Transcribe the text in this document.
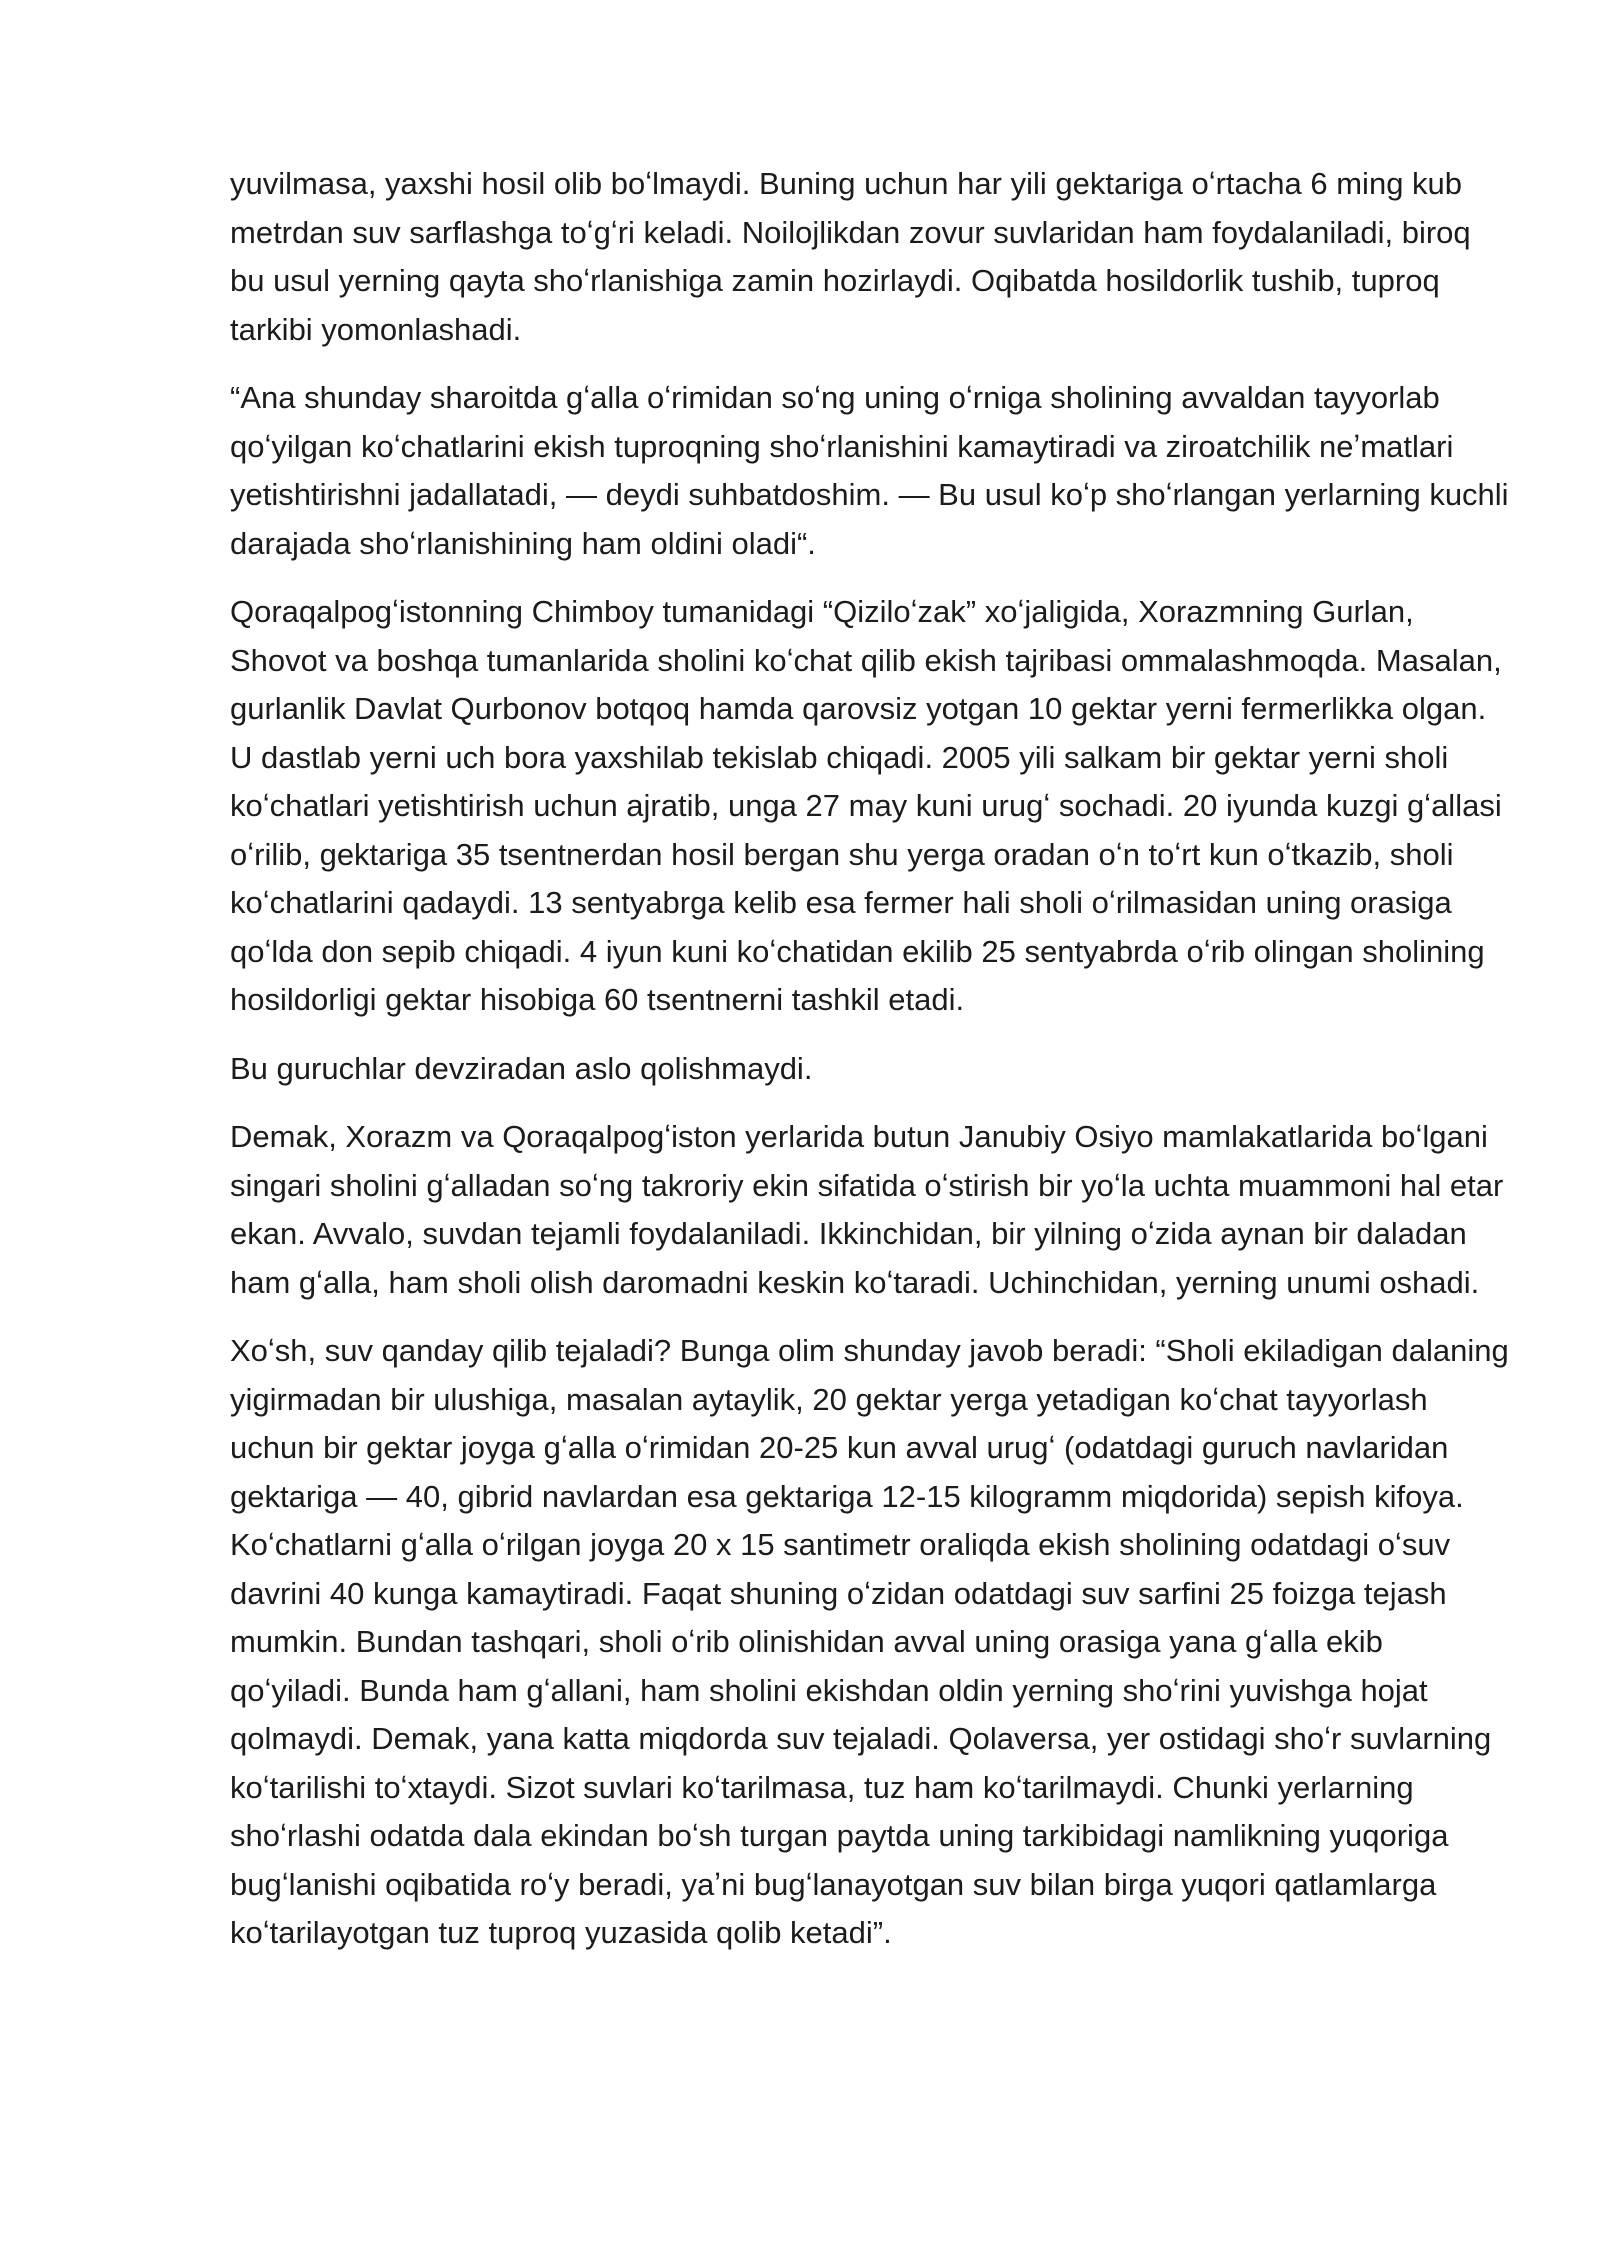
yuvilmasa, yaxshi hosil olib boʻlmaydi. Buning uchun har yili gektariga oʻrtacha 6 ming kub metrdan suv sarflashga toʻgʻri keladi. Noilojlikdan zovur suvlaridan ham foydalaniladi, biroq bu usul yerning qayta shoʻrlanishiga zamin hozirlaydi. Oqibatda hosildorlik tushib, tuproq tarkibi yomonlashadi.

“Ana shunday sharoitda gʻalla oʻrimidan soʻng uning oʻrniga sholining avvaldan tayyorlab qoʻyilgan koʻchatlarini ekish tuproqning shoʻrlanishini kamaytiradi va ziroatchilik neʼmatlari yetishtirishni jadallatadi, — deydi suhbatdoshim. — Bu usul koʻp shoʻrlangan yerlarning kuchli darajada shoʻrlanishining ham oldini oladi“.

Qoraqalpogʻistonning Chimboy tumanidagi “Qiziloʻzak” xoʻjaligida, Xorazmning Gurlan, Shovot va boshqa tumanlarida sholini koʻchat qilib ekish tajribasi ommalashmoqda. Masalan, gurlanlik Davlat Qurbonov botqoq hamda qarovsiz yotgan 10 gektar yerni fermerlikka olgan. U dastlab yerni uch bora yaxshilab tekislab chiqadi. 2005 yili salkam bir gektar yerni sholi koʻchatlari yetishtirish uchun ajratib, unga 27 may kuni urugʻ sochadi. 20 iyunda kuzgi gʻallasi oʻrilib, gektariga 35 tsentnerdan hosil bergan shu yerga oradan oʻn toʻrt kun oʻtkazib, sholi koʻchatlarini qadaydi. 13 sentyabrga kelib esa fermer hali sholi oʻrilmasidan uning orasiga qoʻlda don sepib chiqadi. 4 iyun kuni koʻchatidan ekilib 25 sentyabrda oʻrib olingan sholining hosildorligi gektar hisobiga 60 tsentnerni tashkil etadi.

Bu guruchlar devziradan aslo qolishmaydi.

Demak, Xorazm va Qoraqalpogʻiston yerlarida butun Janubiy Osiyo mamlakatlarida boʻlgani singari sholini gʻalladan soʻng takroriy ekin sifatida oʻstirish bir yoʻla uchta muammoni hal etar ekan. Avvalo, suvdan tejamli foydalaniladi. Ikkinchidan, bir yilning oʻzida aynan bir daladan ham gʻalla, ham sholi olish daromadni keskin koʻtaradi. Uchinchidan, yerning unumi oshadi.

Xoʻsh, suv qanday qilib tejaladi? Bunga olim shunday javob beradi: “Sholi ekiladigan dalaning yigirmadan bir ulushiga, masalan aytaylik, 20 gektar yerga yetadigan koʻchat tayyorlash uchun bir gektar joyga gʻalla oʻrimidan 20-25 kun avval urugʻ (odatdagi guruch navlaridan gektariga — 40, gibrid navlardan esa gektariga 12-15 kilogramm miqdorida) sepish kifoya. Koʻchatlarni gʻalla oʻrilgan joyga 20 x 15 santimetr oraliqda ekish sholining odatdagi oʻsuv davrini 40 kunga kamaytiradi. Faqat shuning oʻzidan odatdagi suv sarfini 25 foizga tejash mumkin. Bundan tashqari, sholi oʻrib olinishidan avval uning orasiga yana gʻalla ekib qoʻyiladi. Bunda ham gʻallani, ham sholini ekishdan oldin yerning shoʻrini yuvishga hojat qolmaydi. Demak, yana katta miqdorda suv tejaladi. Qolaversa, yer ostidagi shoʻr suvlarning koʻtarilishi toʻxtaydi. Sizot suvlari koʻtarilmasa, tuz ham koʻtarilmaydi. Chunki yerlarning shoʻrlashi odatda dala ekindan boʻsh turgan paytda uning tarkibidagi namlikning yuqoriga bugʻlanishi oqibatida roʻy beradi, yaʼni bugʻlanayotgan suv bilan birga yuqori qatlamlarga koʻtarilayotgan tuz tuproq yuzasida qolib ketadi”.
